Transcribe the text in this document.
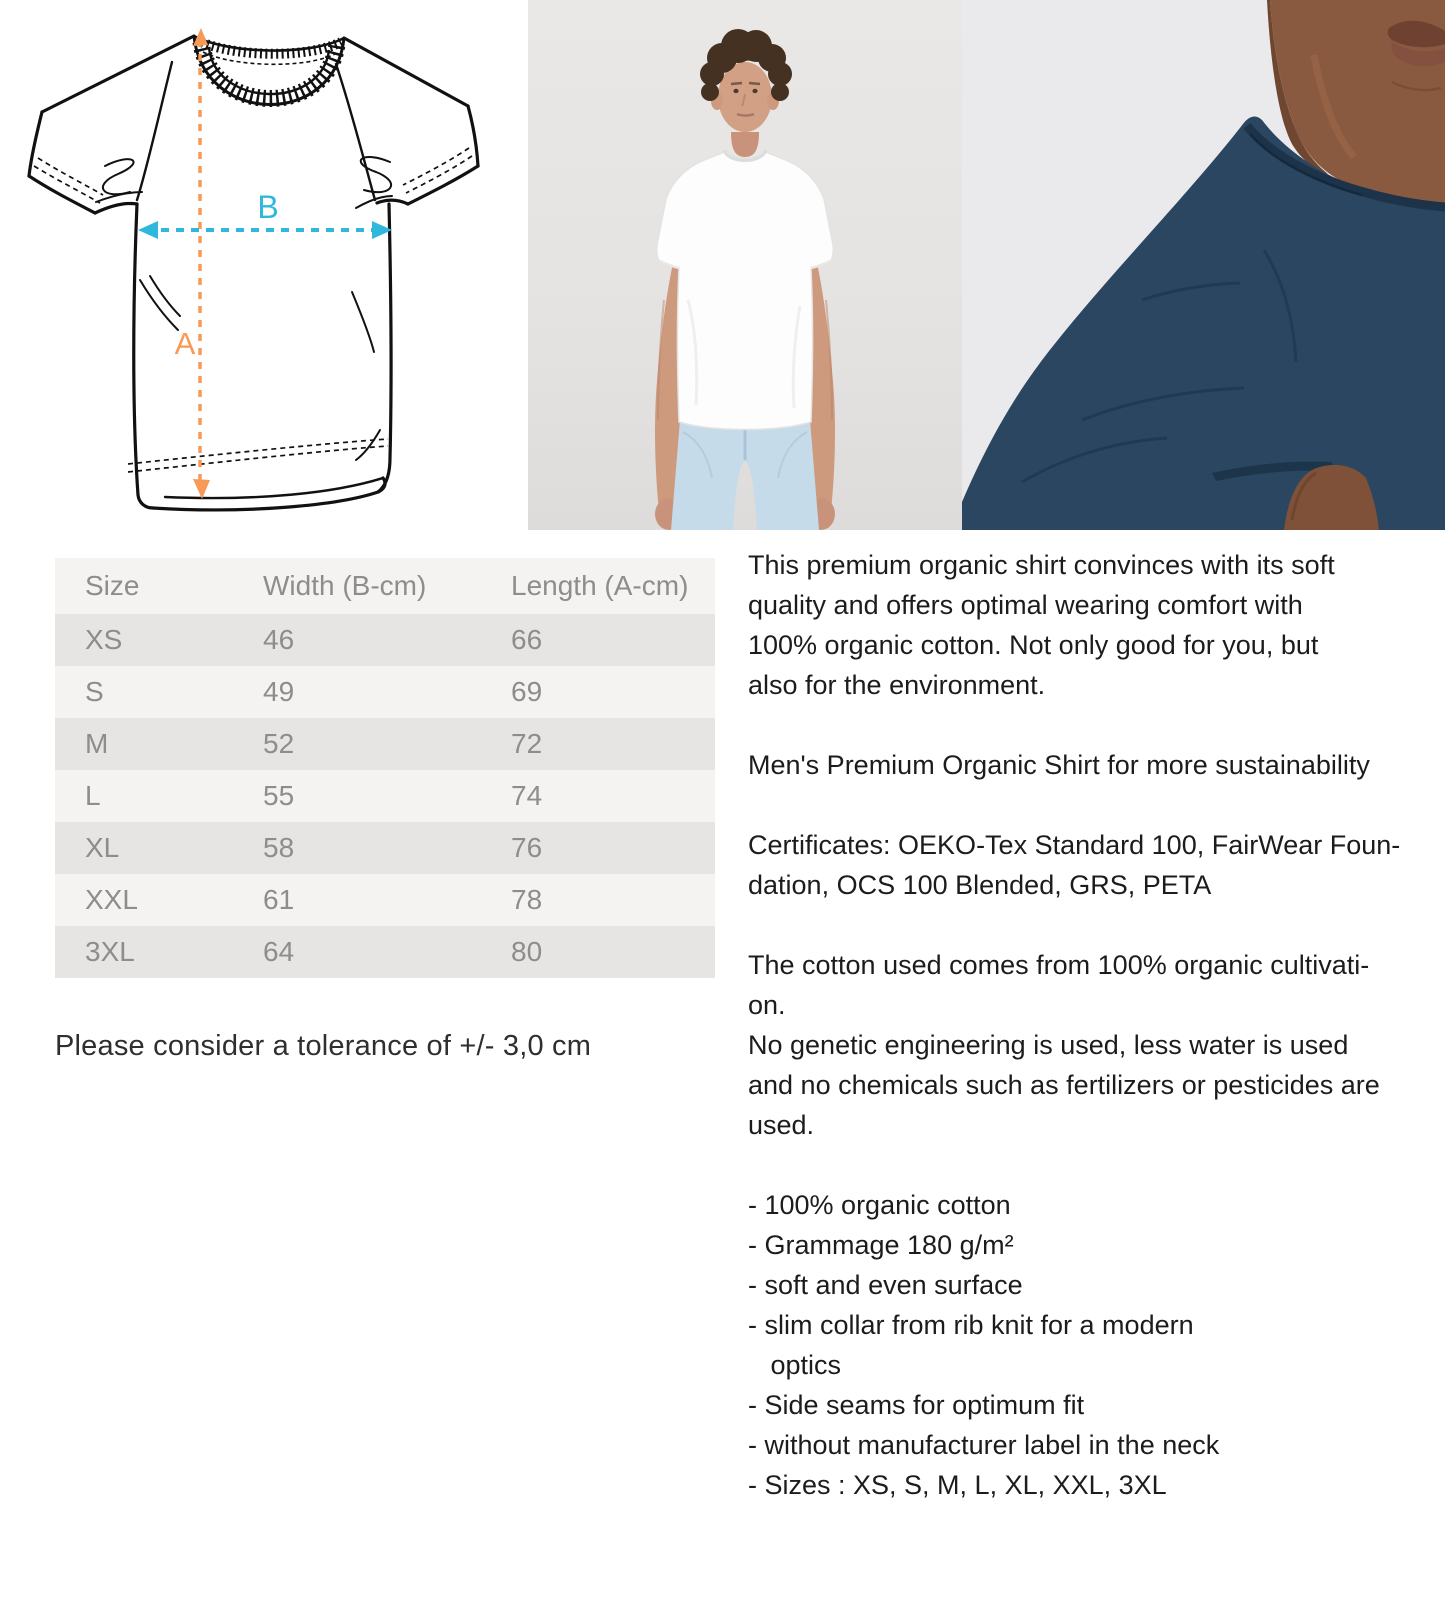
A
B
Size	Width (B-cm)	Length (A-cm)
XS	46	66
S	49	69
M	52	72
L	55	74
XL	58	76
XXL	61	78
3XL	64	80
Please consider a tolerance of +/- 3,0 cm
This premium organic shirt convinces with its soft
quality and offers optimal wearing comfort with
100% organic cotton. Not only good for you, but
also for the environment.
Men's Premium Organic Shirt for more sustainability
Certificates: OEKO-Tex Standard 100, FairWear Foun-
dation, OCS 100 Blended, GRS, PETA
The cotton used comes from 100% organic cultivati-
on.
No genetic engineering is used, less water is used
and no chemicals such as fertilizers or pesticides are
used.
- 100% organic cotton
- Grammage 180 g/m²
- soft and even surface
- slim collar from rib knit for a modern
optics
- Side seams for optimum fit
- without manufacturer label in the neck
- Sizes : XS, S, M, L, XL, XXL, 3XL
